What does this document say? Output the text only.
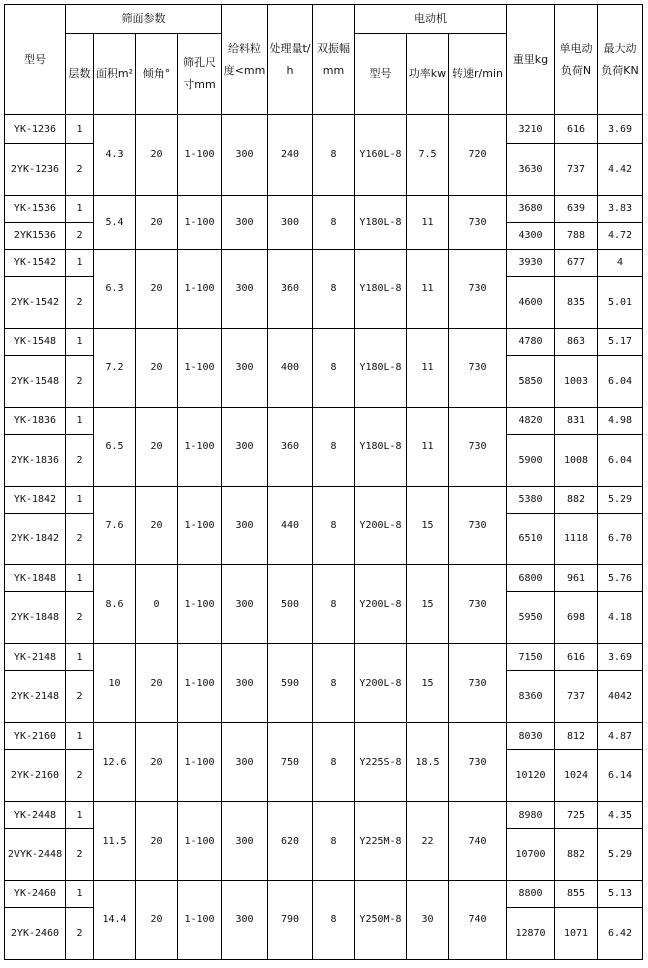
型号	筛面参数				给料粒度<mm	处理量t/h	双振幅mm	电动机			重里kg	单电动负荷N	最大动负荷KN
	层数	面积m²	倾角°	筛孔尺寸mm				型号	功率kw	转速r/min			
YK-1236	1	4.3	20	1-100	300	240	8	Y160L-8	7.5	720	3210	616	3.69
2YK-1236	2										3630	737	4.42
YK-1536	1	5.4	20	1-100	300	300	8	Y180L-8	11	730	3680	639	3.83
2YK1536	2										4300	788	4.72
YK-1542	1	6.3	20	1-100	300	360	8	Y180L-8	11	730	3930	677	4
2YK-1542	2										4600	835	5.01
YK-1548	1	7.2	20	1-100	300	400	8	Y180L-8	11	730	4780	863	5.17
2YK-1548	2										5850	1003	6.04
YK-1836	1	6.5	20	1-100	300	360	8	Y180L-8	11	730	4820	831	4.98
2YK-1836	2										5900	1008	6.04
YK-1842	1	7.6	20	1-100	300	440	8	Y200L-8	15	730	5380	882	5.29
2YK-1842	2										6510	1118	6.70
YK-1848	1	8.6	0	1-100	300	500	8	Y200L-8	15	730	6800	961	5.76
2YK-1848	2										5950	698	4.18
YK-2148	1	10	20	1-100	300	590	8	Y200L-8	15	730	7150	616	3.69
2YK-2148	2										8360	737	4042
YK-2160	1	12.6	20	1-100	300	750	8	Y225S-8	18.5	730	8030	812	4.87
2YK-2160	2										10120	1024	6.14
YK-2448	1	11.5	20	1-100	300	620	8	Y225M-8	22	740	8980	725	4.35
2VYK-2448	2										10700	882	5.29
YK-2460	1	14.4	20	1-100	300	790	8	Y250M-8	30	740	8800	855	5.13
2YK-2460	2										12870	1071	6.42
